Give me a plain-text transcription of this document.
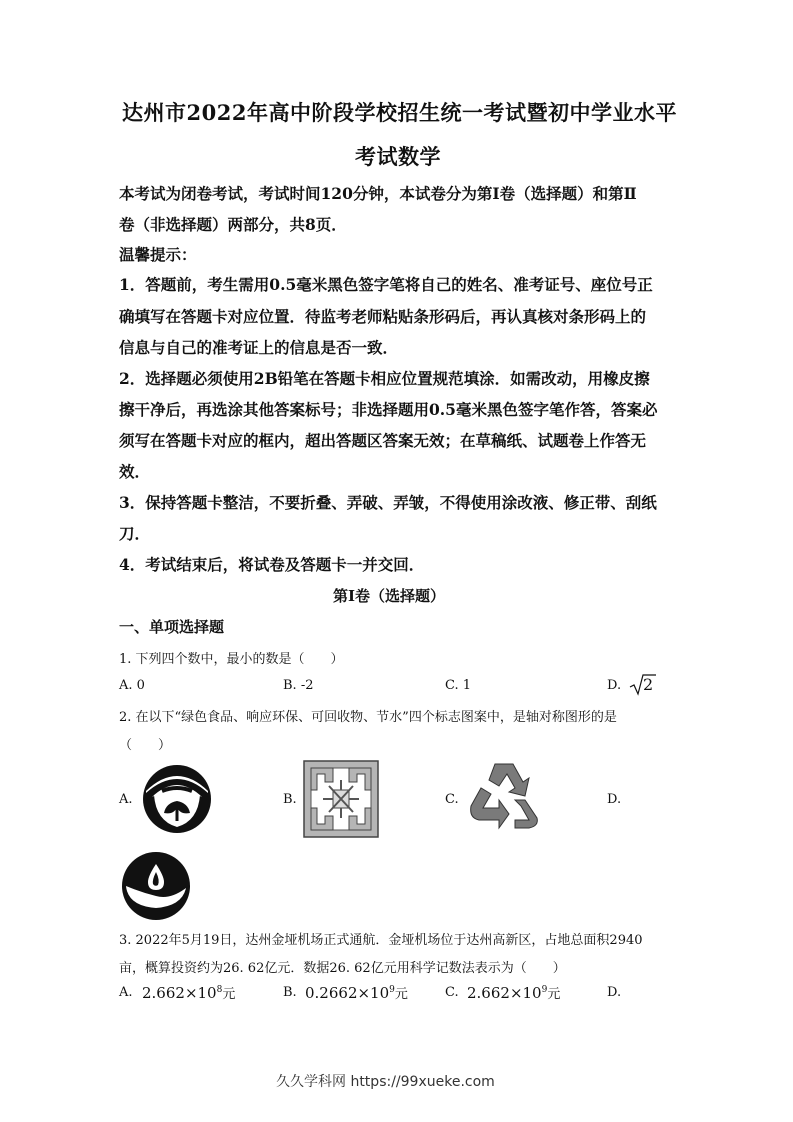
达州市2022年高中阶段学校招生统一考试暨初中学业水平
考试数学
本考试为闭卷考试，考试时间120分钟，本试卷分为第Ⅰ卷（选择题）和第Ⅱ
卷（非选择题）两部分，共8页．
温馨提示：
1．答题前，考生需用0.5毫米黑色签字笔将自己的姓名、准考证号、座位号正
确填写在答题卡对应位置．待监考老师粘贴条形码后，再认真核对条形码上的
信息与自己的准考证上的信息是否一致．
2．选择题必须使用2B铅笔在答题卡相应位置规范填涂．如需改动，用橡皮擦
擦干净后，再选涂其他答案标号；非选择题用0.5毫米黑色签字笔作答，答案必
须写在答题卡对应的框内，超出答题区答案无效；在草稿纸、试题卷上作答无
效．
3．保持答题卡整洁，不要折叠、弄破、弄皱，不得使用涂改液、修正带、刮纸
刀．
4．考试结束后，将试卷及答题卡一并交回．
第Ⅰ卷（选择题）
一、单项选择题
1. 下列四个数中，最小的数是（　　）
A. 0	B. -2	C. 1	D. 2
2. 在以下“绿色食品、响应环保、可回收物、节水”四个标志图案中，是轴对称图形的是
（　　）
A.	B.	C.	D.
3. 2022年5月19日，达州金垭机场正式通航．金垭机场位于达州高新区，占地总面积2940
亩，概算投资约为26. 62亿元．数据26. 62亿元用科学记数法表示为（　　）
A. $2.662\times 10^8$元	B. $0.2662\times 10^9$元	C. $2.662\times 10^9$元	D.
久久学科网 https://99xueke.com
